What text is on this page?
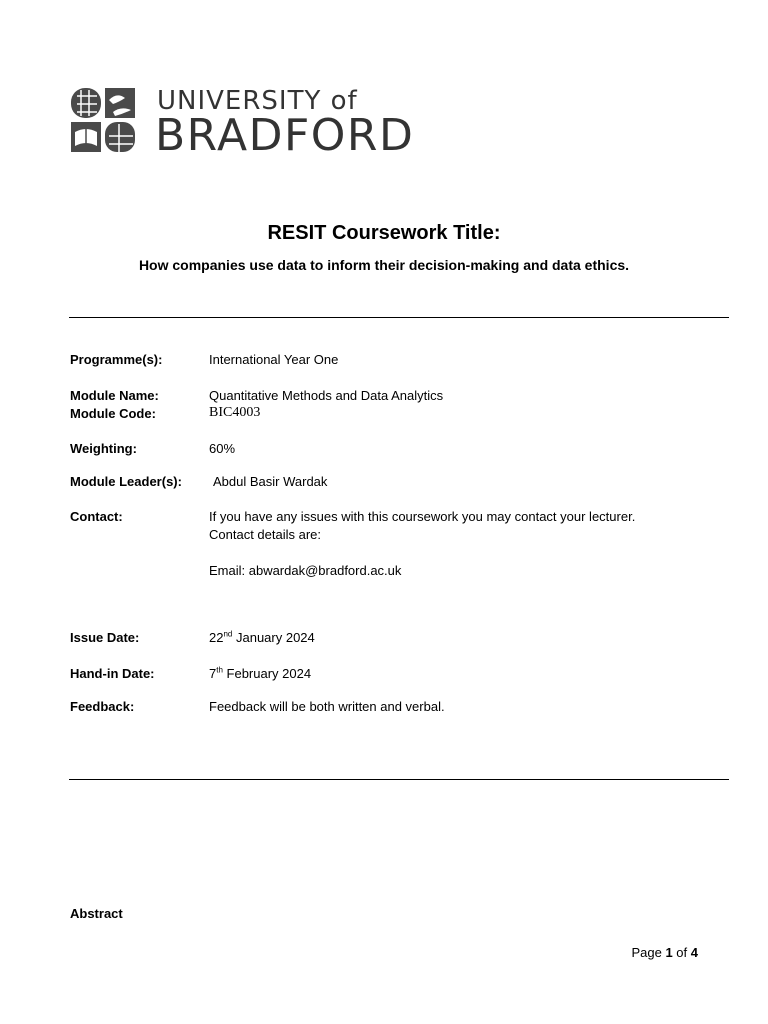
UNIVERSITY of
BRADFORD
RESIT Coursework Title:
How companies use data to inform their decision-making and data ethics.
Programme(s):	International Year One
Module Name:	Quantitative Methods and Data Analytics
Module Code:	BIC4003
Weighting:	60%
Module Leader(s): Abdul Basir Wardak
Contact:	If you have any issues with this coursework you may contact your lecturer.
Contact details are:
Email: abwardak@bradford.ac.uk
Issue Date:	22nd January 2024
Hand-in Date:	7th February 2024
Feedback:	Feedback will be both written and verbal.
Abstract
Page 1 of 4
